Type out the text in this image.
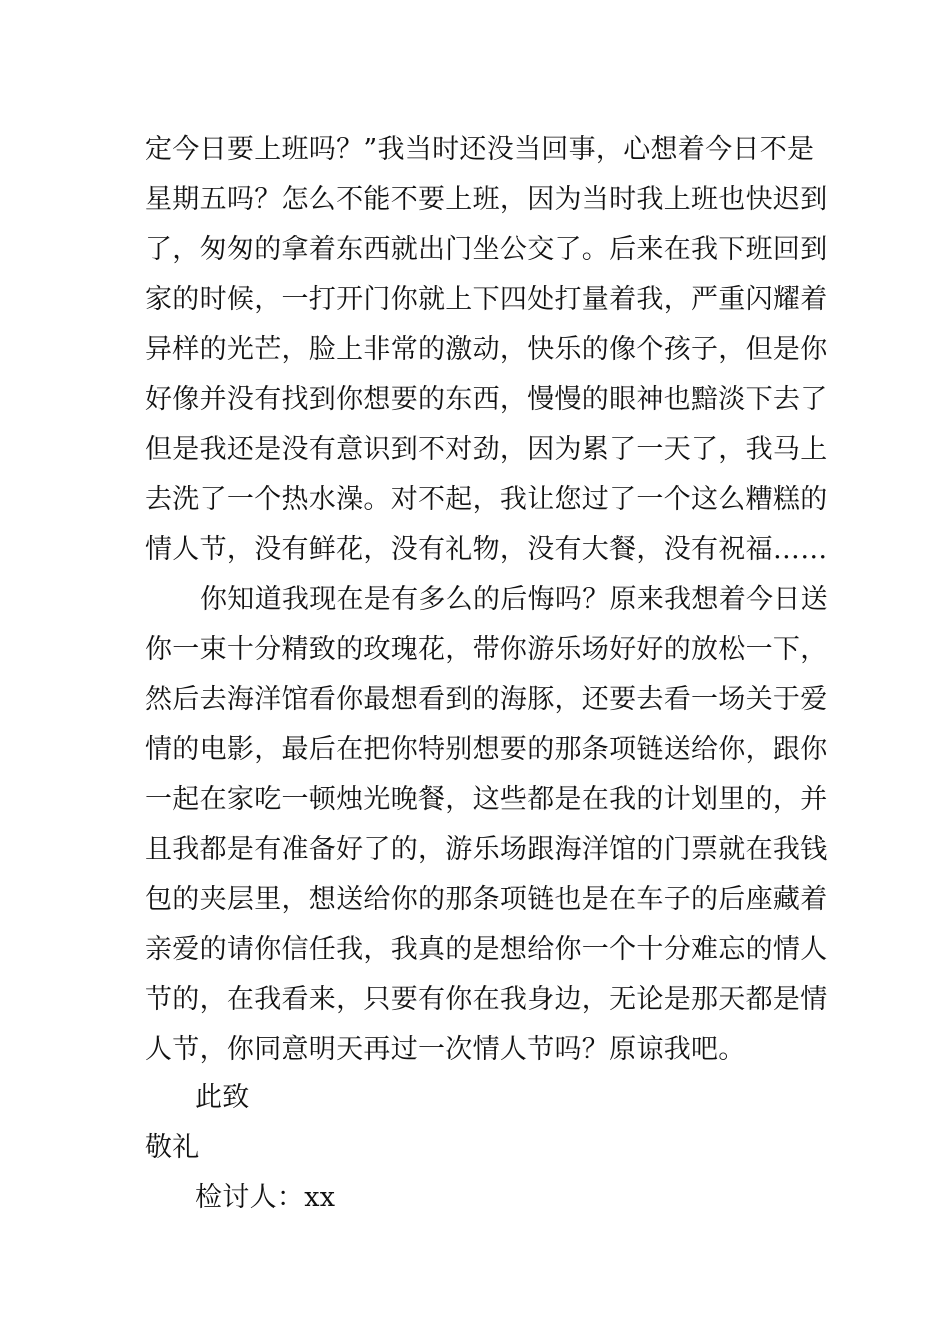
定今日要上班吗？”我当时还没当回事，心想着今日不是
星期五吗？怎么不能不要上班，因为当时我上班也快迟到
了，匆匆的拿着东西就出门坐公交了。后来在我下班回到
家的时候，一打开门你就上下四处打量着我，严重闪耀着
异样的光芒，脸上非常的激动，快乐的像个孩子，但是你
好像并没有找到你想要的东西，慢慢的眼神也黯淡下去了
但是我还是没有意识到不对劲，因为累了一天了，我马上
去洗了一个热水澡。对不起，我让您过了一个这么糟糕的
情人节，没有鲜花，没有礼物，没有大餐，没有祝福……
你知道我现在是有多么的后悔吗？原来我想着今日送
你一束十分精致的玫瑰花，带你游乐场好好的放松一下，
然后去海洋馆看你最想看到的海豚，还要去看一场关于爱
情的电影，最后在把你特别想要的那条项链送给你，跟你
一起在家吃一顿烛光晚餐，这些都是在我的计划里的，并
且我都是有准备好了的，游乐场跟海洋馆的门票就在我钱
包的夹层里，想送给你的那条项链也是在车子的后座藏着
亲爱的请你信任我，我真的是想给你一个十分难忘的情人
节的，在我看来，只要有你在我身边，无论是那天都是情
人节，你同意明天再过一次情人节吗？原谅我吧。
此致
敬礼
检讨人：xx
